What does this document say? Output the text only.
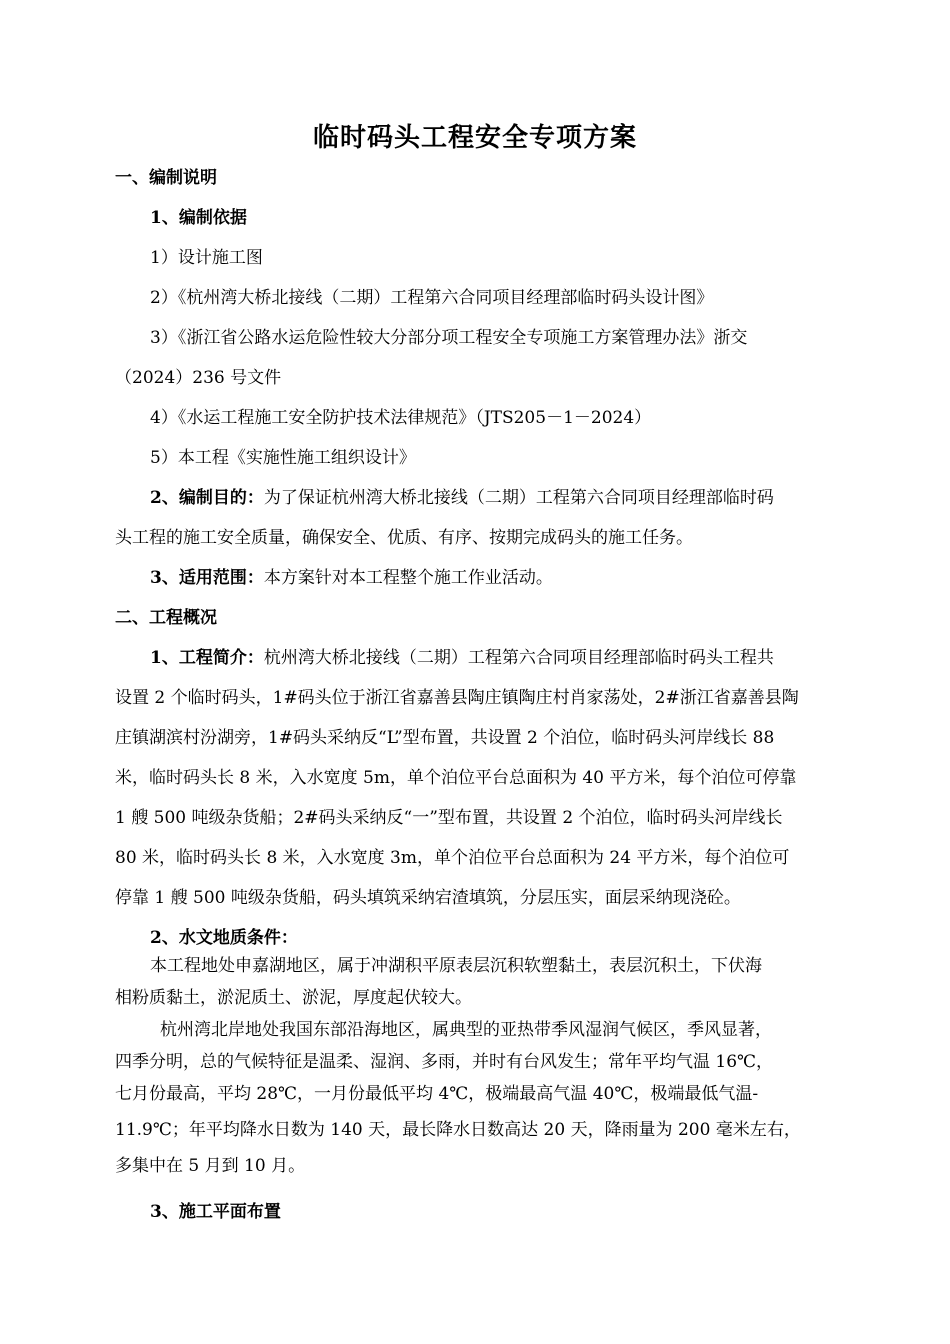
临时码头工程安全专项方案

一、编制说明

1、编制依据

1）设计施工图

2）《杭州湾大桥北接线（二期）工程第六合同项目经理部临时码头设计图》

3）《浙江省公路水运危险性较大分部分项工程安全专项施工方案管理办法》浙交

（2024）236 号文件

4）《水运工程施工安全防护技术法律规范》（JTS205－1－2024）

5）本工程《实施性施工组织设计》

2、编制目的：为了保证杭州湾大桥北接线（二期）工程第六合同项目经理部临时码

头工程的施工安全质量，确保安全、优质、有序、按期完成码头的施工任务。

3、适用范围：本方案针对本工程整个施工作业活动。

二、工程概况

1、工程简介：杭州湾大桥北接线（二期）工程第六合同项目经理部临时码头工程共

设置 2 个临时码头，1#码头位于浙江省嘉善县陶庄镇陶庄村肖家荡处，2#浙江省嘉善县陶

庄镇湖滨村汾湖旁，1#码头采纳反“L”型布置，共设置 2 个泊位，临时码头河岸线长 88

米，临时码头长 8 米，入水宽度 5m，单个泊位平台总面积为 40 平方米，每个泊位可停靠

1 艘 500 吨级杂货船；2#码头采纳反“一”型布置，共设置 2 个泊位，临时码头河岸线长

80 米，临时码头长 8 米，入水宽度 3m，单个泊位平台总面积为 24 平方米，每个泊位可

停靠 1 艘 500 吨级杂货船，码头填筑采纳宕渣填筑，分层压实，面层采纳现浇砼。

2、水文地质条件：

本工程地处申嘉湖地区，属于冲湖积平原表层沉积软塑黏土，表层沉积土，下伏海

相粉质黏土，淤泥质土、淤泥，厚度起伏较大。

杭州湾北岸地处我国东部沿海地区，属典型的亚热带季风湿润气候区，季风显著，

四季分明，总的气候特征是温柔、湿润、多雨，并时有台风发生；常年平均气温 16℃，

七月份最高，平均 28℃，一月份最低平均 4℃，极端最高气温 40℃，极端最低气温-

11.9℃；年平均降水日数为 140 天，最长降水日数高达 20 天，降雨量为 200 毫米左右，

多集中在 5 月到 10 月。

3、施工平面布置
